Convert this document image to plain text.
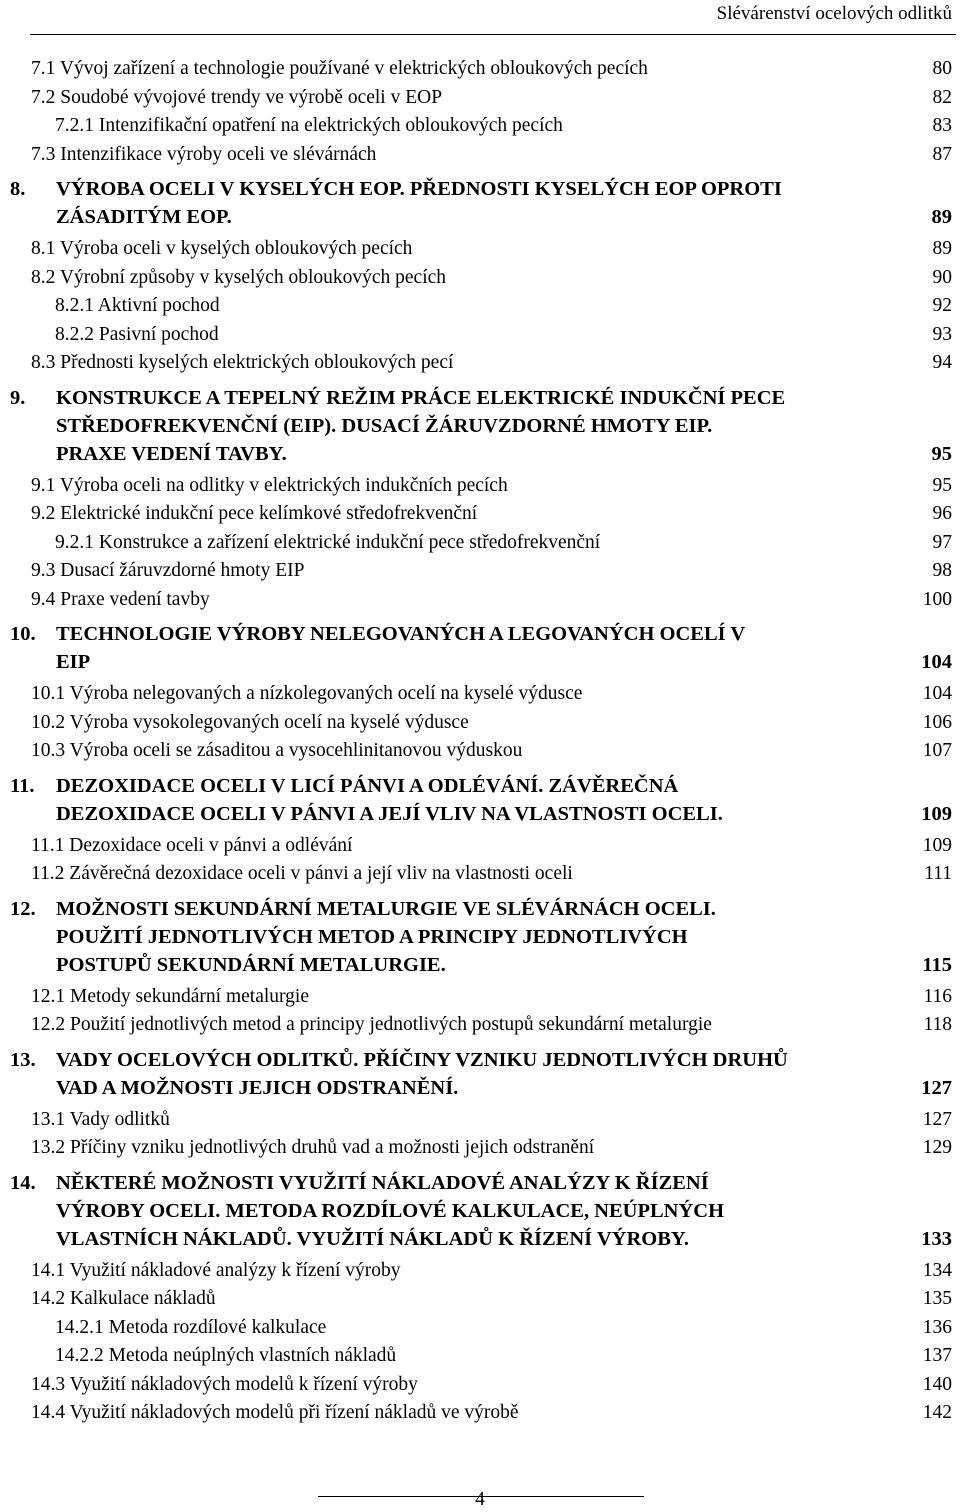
Slévárenství ocelových odlitků
7.1 Vývoj zařízení a technologie používané v elektrických obloukových pecích	80
7.2 Soudobé vývojové trendy ve výrobě oceli v EOP	82
7.2.1 Intenzifikační opatření na elektrických obloukových pecích	83
7.3 Intenzifikace výroby oceli ve slévárnách	87
8.	VÝROBA OCELI V KYSELÝCH EOP. PŘEDNOSTI KYSELÝCH EOP OPROTI
ZÁSADITÝM EOP.	89
8.1 Výroba oceli v kyselých obloukových pecích	89
8.2 Výrobní způsoby v kyselých obloukových pecích	90
8.2.1 Aktivní pochod	92
8.2.2 Pasivní pochod	93
8.3 Přednosti kyselých elektrických obloukových pecí	94
9.	KONSTRUKCE A TEPELNÝ REŽIM PRÁCE ELEKTRICKÉ INDUKČNÍ PECE
STŘEDOFREKVENČNÍ (EIP). DUSACÍ ŽÁRUVZDORNÉ HMOTY EIP.
PRAXE VEDENÍ TAVBY.	95
9.1 Výroba oceli na odlitky v elektrických indukčních pecích	95
9.2 Elektrické indukční pece kelímkové středofrekvenční	96
9.2.1 Konstrukce a zařízení elektrické indukční pece středofrekvenční	97
9.3 Dusací žáruvzdorné hmoty EIP	98
9.4 Praxe vedení tavby	100
10. TECHNOLOGIE VÝROBY NELEGOVANÝCH A LEGOVANÝCH OCELÍ V
EIP	104
10.1 Výroba nelegovaných a nízkolegovaných ocelí na kyselé výdusce	104
10.2 Výroba vysokolegovaných ocelí na kyselé výdusce	106
10.3 Výroba oceli se zásaditou a vysocehlinitanovou výduskou	107
11.	DEZOXIDACE OCELI V LICÍ PÁNVI A ODLÉVÁNÍ. ZÁVĚREČNÁ
DEZOXIDACE OCELI V PÁNVI A JEJÍ VLIV NA VLASTNOSTI OCELI.	109
11.1 Dezoxidace oceli v pánvi a odlévání	109
11.2 Závěrečná dezoxidace oceli v pánvi a její vliv na vlastnosti oceli	111
12. MOŽNOSTI SEKUNDÁRNÍ METALURGIE VE SLÉVÁRNÁCH OCELI.
POUŽITÍ JEDNOTLIVÝCH METOD A PRINCIPY JEDNOTLIVÝCH
POSTUPŮ SEKUNDÁRNÍ METALURGIE.	115
12.1 Metody sekundární metalurgie	116
12.2 Použití jednotlivých metod a principy jednotlivých postupů sekundární metalurgie	118
13. VADY OCELOVÝCH ODLITKŮ. PŘÍČINY VZNIKU JEDNOTLIVÝCH DRUHŮ
VAD A MOŽNOSTI JEJICH ODSTRANĚNÍ.	127
13.1 Vady odlitků	127
13.2 Příčiny vzniku jednotlivých druhů vad a možnosti jejich odstranění	129
14. NĚKTERÉ MOŽNOSTI VYUŽITÍ NÁKLADOVÉ ANALÝZY K ŘÍZENÍ
VÝROBY OCELI. METODA ROZDÍLOVÉ KALKULACE, NEÚPLNÝCH
VLASTNÍCH NÁKLADŮ. VYUŽITÍ NÁKLADŮ K ŘÍZENÍ VÝROBY.	133
14.1 Využití nákladové analýzy k řízení výroby	134
14.2 Kalkulace nákladů	135
14.2.1 Metoda rozdílové kalkulace	136
14.2.2 Metoda neúplných vlastních nákladů	137
14.3 Využití nákladových modelů k řízení výroby	140
14.4 Využití nákladových modelů při řízení nákladů ve výrobě	142
4
